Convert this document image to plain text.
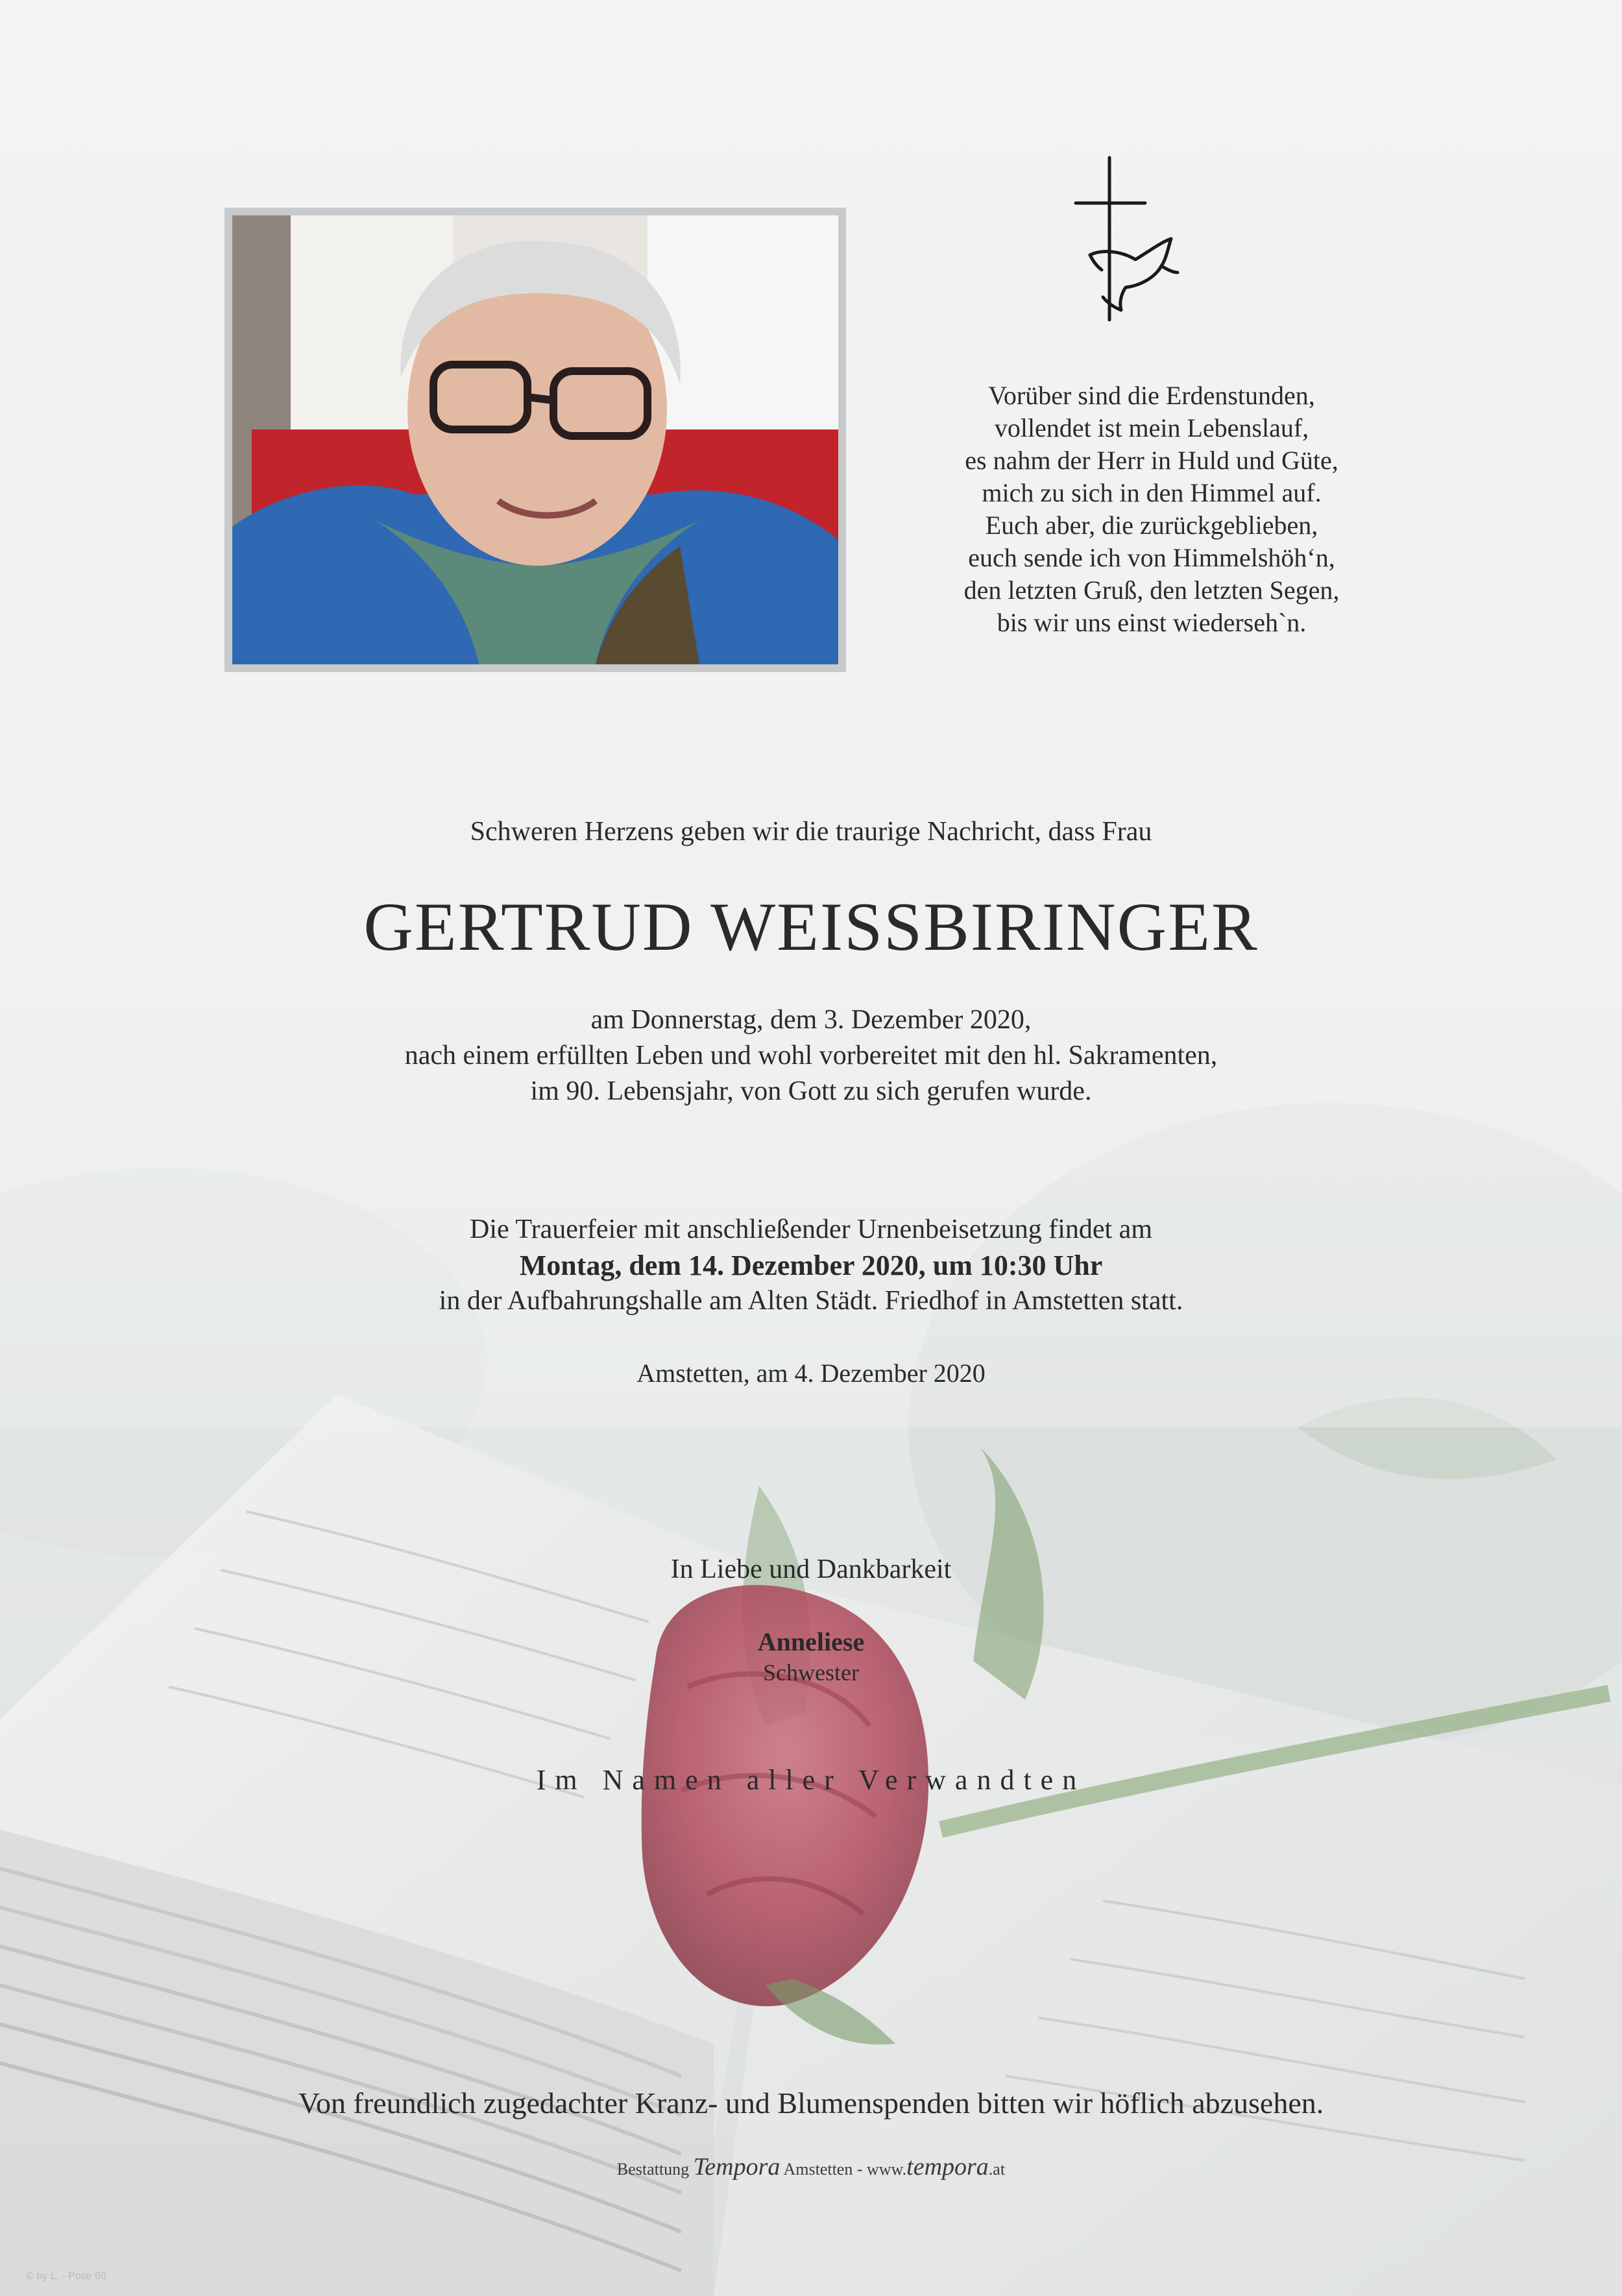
Vorüber sind die Erdenstunden,
vollendet ist mein Lebenslauf,
es nahm der Herr in Huld und Güte,
mich zu sich in den Himmel auf.
Euch aber, die zurückgeblieben,
euch sende ich von Himmelshöh‘n,
den letzten Gruß, den letzten Segen,
bis wir uns einst wiederseh`n.
Schweren Herzens geben wir die traurige Nachricht, dass Frau
GERTRUD WEISSBIRINGER
am Donnerstag, dem 3. Dezember 2020,
nach einem erfüllten Leben und wohl vorbereitet mit den hl. Sakramenten,
im 90. Lebensjahr, von Gott zu sich gerufen wurde.
Die Trauerfeier mit anschließender Urnenbeisetzung findet am
Montag, dem 14. Dezember 2020, um 10:30 Uhr
in der Aufbahrungshalle am Alten Städt. Friedhof in Amstetten statt.
Amstetten, am 4. Dezember 2020
In Liebe und Dankbarkeit
Anneliese
Schwester
Im Namen aller Verwandten
Von freundlich zugedachter Kranz- und Blumenspenden bitten wir höflich abzusehen.
Bestattung Tempora Amstetten - www.tempora.at
© by L. - Pose 60
